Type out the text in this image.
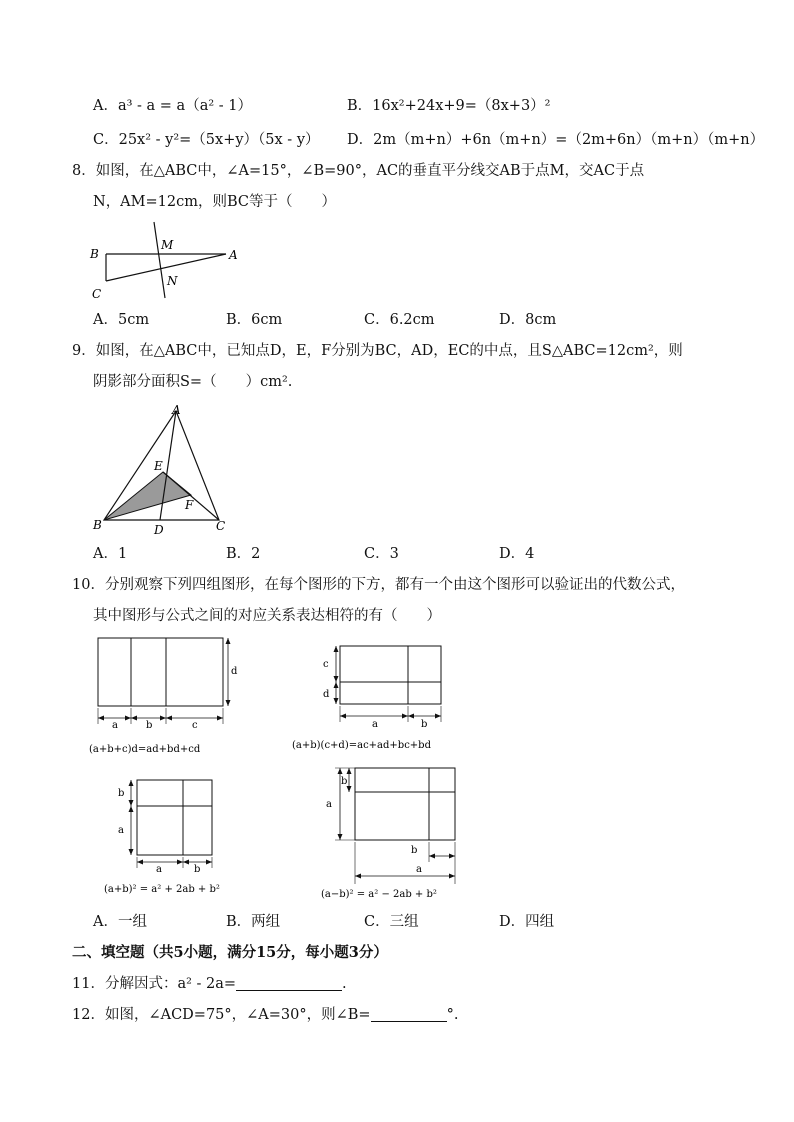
A．a³ - a = a（a² - 1）	B．16x²+24x+9=（8x+3）²
C．25x² - y²=（5x+y）（5x - y） D．2m（m+n）+6n（m+n）=（2m+6n）（m+n）（m+n）
8．如图，在△ABC中，∠A=15°，∠B=90°，AC的垂直平分线交AB于点M，交AC于点
N，AM=12cm，则BC等于（　　）
B
M
A
C
N
A．5cm	B．6cm	C．6.2cm	D．8cm
9．如图，在△ABC中，已知点D，E，F分别为BC，AD，EC的中点，且S△ABC=12cm²，则
阴影部分面积S=（　　）cm².
A
E
F
B	D	C
A．1	B．2	C．3	D．4
10．分别观察下列四组图形，在每个图形的下方，都有一个由这个图形可以验证出的代数公式，
其中图形与公式之间的对应关系表达相符的有（　　）
d
a	b	c
(a+b+c)d=ad+bd+cd
c
d
a	b
(a+b)(c+d)=ac+ad+bc+bd
b
a
a	b
(a+b)² = a² + 2ab + b²
b
a
b
a
(a−b)² = a² − 2ab + b²
A．一组	B．两组	C．三组	D．四组
二、填空题（共5小题，满分15分，每小题3分）
11．分解因式：a² - 2a=	.
12．如图，∠ACD=75°，∠A=30°，则∠B=	°.
